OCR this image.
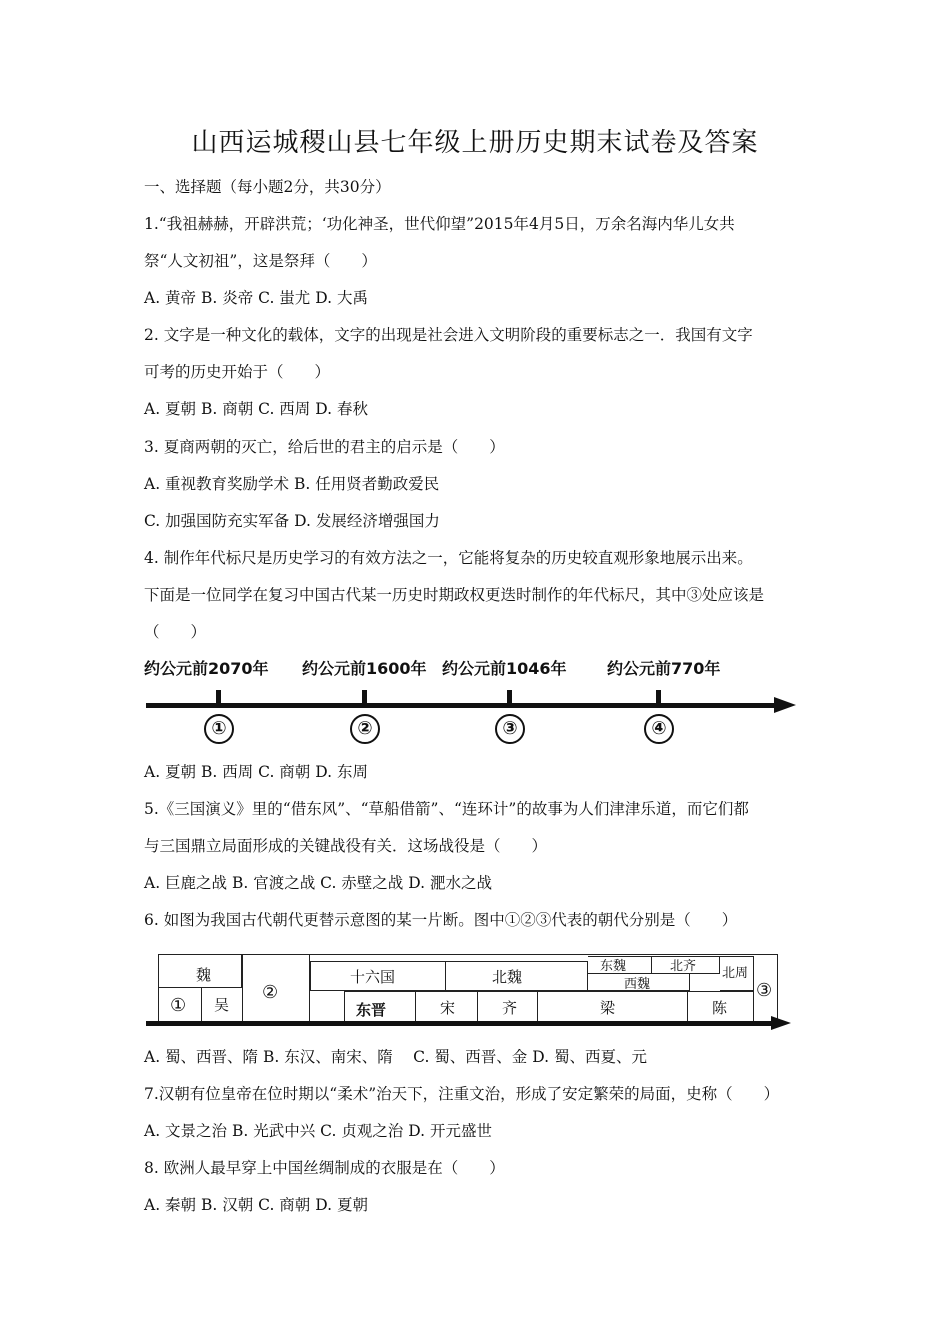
山西运城稷山县七年级上册历史期末试卷及答案
一、选择题（每小题2分，共30分）
1.“我祖赫赫，开辟洪荒；‘功化神圣，世代仰望”2015年4月5日，万余名海内华儿女共
祭“人文初祖”，这是祭拜（　　）
A. 黄帝 B. 炎帝 C. 蚩尤 D. 大禹
2. 文字是一种文化的载体，文字的出现是社会进入文明阶段的重要标志之一．我国有文字
可考的历史开始于（　　）
A. 夏朝 B. 商朝 C. 西周 D. 春秋
3. 夏商两朝的灭亡，给后世的君主的启示是（　　）
A. 重视教育奖励学术 B. 任用贤者勤政爱民
C. 加强国防充实军备 D. 发展经济增强国力
4. 制作年代标尺是历史学习的有效方法之一，它能将复杂的历史较直观形象地展示出来。
下面是一位同学在复习中国古代某一历史时期政权更迭时制作的年代标尺，其中③处应该是
（　　）
约公元前2070年 约公元前1600年 约公元前1046年	约公元前770年
①	②	③	④
A. 夏朝 B. 西周 C. 商朝 D. 东周
5.《三国演义》里的“借东风”、“草船借箭”、“连环计”的故事为人们津津乐道，而它们都
与三国鼎立局面形成的关键战役有关．这场战役是（　　）
A. 巨鹿之战 B. 官渡之战 C. 赤壁之战 D. 淝水之战
6. 如图为我国古代朝代更替示意图的某一片断。图中①②③代表的朝代分别是（　　）
魏
① 吴
②
十六国	北魏
东魏	北齐
西魏
北周
东晋	宋	齐	梁	陈
③
A. 蜀、西晋、隋 B. 东汉、南宋、隋　 C. 蜀、西晋、金 D. 蜀、西夏、元
7.汉朝有位皇帝在位时期以“柔术”治天下，注重文治，形成了安定繁荣的局面，史称（　　）
A. 文景之治 B. 光武中兴 C. 贞观之治 D. 开元盛世
8. 欧洲人最早穿上中国丝绸制成的衣服是在（　　）
A. 秦朝 B. 汉朝 C. 商朝 D. 夏朝
